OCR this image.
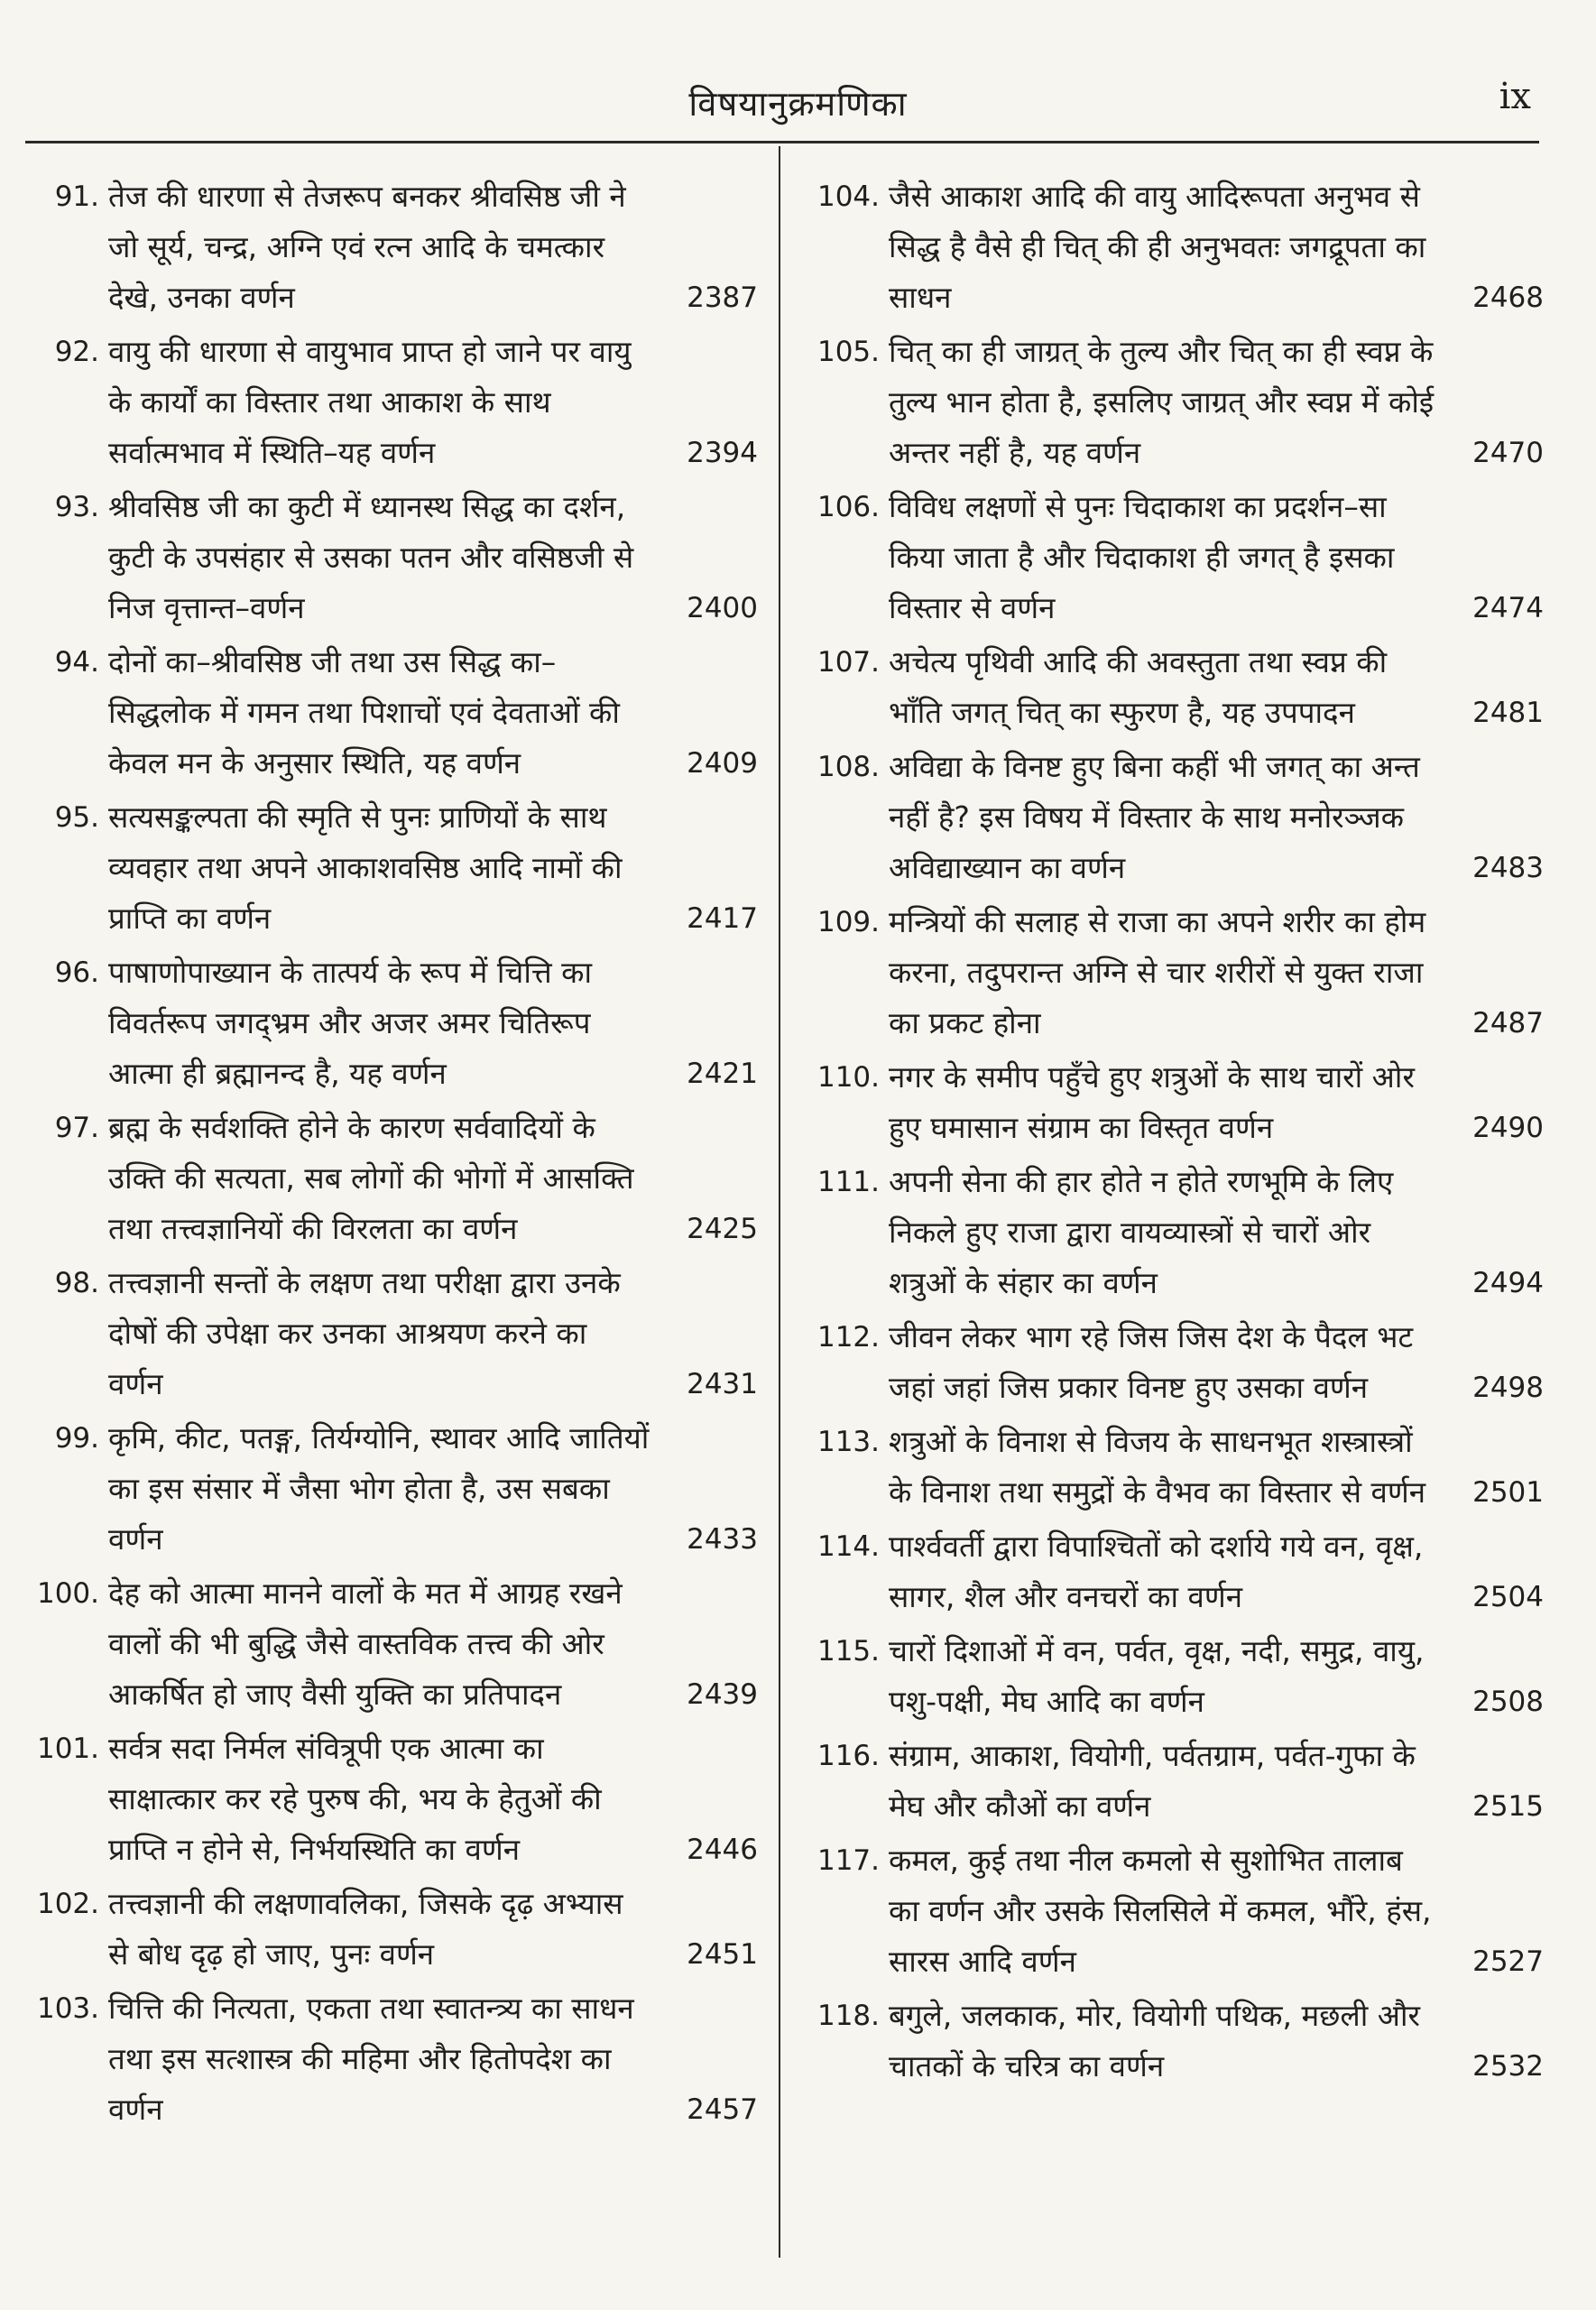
विषयानुक्रमणिका	ix
91. तेज की धारणा से तेजरूप बनकर श्रीवसिष्ठ जी ने जो सूर्य, चन्द्र, अग्नि एवं रत्न आदि के चमत्कार देखे, उनका वर्णन	2387
92. वायु की धारणा से वायुभाव प्राप्त हो जाने पर वायु के कार्यों का विस्तार तथा आकाश के साथ सर्वात्मभाव में स्थिति–यह वर्णन	2394
93. श्रीवसिष्ठ जी का कुटी में ध्यानस्थ सिद्ध का दर्शन, कुटी के उपसंहार से उसका पतन और वसिष्ठजी से निज वृत्तान्त–वर्णन	2400
94. दोनों का–श्रीवसिष्ठ जी तथा उस सिद्ध का–सिद्धलोक में गमन तथा पिशाचों एवं देवताओं की केवल मन के अनुसार स्थिति, यह वर्णन	2409
95. सत्यसङ्कल्पता की स्मृति से पुनः प्राणियों के साथ व्यवहार तथा अपने आकाशवसिष्ठ आदि नामों की प्राप्ति का वर्णन	2417
96. पाषाणोपाख्यान के तात्पर्य के रूप में चित्ति का विवर्तरूप जगद्भ्रम और अजर अमर चितिरूप आत्मा ही ब्रह्मानन्द है, यह वर्णन	2421
97. ब्रह्म के सर्वशक्ति होने के कारण सर्ववादियों के उक्ति की सत्यता, सब लोगों की भोगों में आसक्ति तथा तत्त्वज्ञानियों की विरलता का वर्णन	2425
98. तत्त्वज्ञानी सन्तों के लक्षण तथा परीक्षा द्वारा उनके दोषों की उपेक्षा कर उनका आश्रयण करने का वर्णन	2431
99. कृमि, कीट, पतङ्ग, तिर्यग्योनि, स्थावर आदि जातियों का इस संसार में जैसा भोग होता है, उस सबका वर्णन	2433
100. देह को आत्मा मानने वालों के मत में आग्रह रखने वालों की भी बुद्धि जैसे वास्तविक तत्त्व की ओर आकर्षित हो जाए वैसी युक्ति का प्रतिपादन	2439
101. सर्वत्र सदा निर्मल संवित्रूपी एक आत्मा का साक्षात्कार कर रहे पुरुष की, भय के हेतुओं की प्राप्ति न होने से, निर्भयस्थिति का वर्णन	2446
102. तत्त्वज्ञानी की लक्षणावलिका, जिसके दृढ़ अभ्यास से बोध दृढ़ हो जाए, पुनः वर्णन	2451
103. चित्ति की नित्यता, एकता तथा स्वातन्त्र्य का साधन तथा इस सत्शास्त्र की महिमा और हितोपदेश का वर्णन	2457
104. जैसे आकाश आदि की वायु आदिरूपता अनुभव से सिद्ध है वैसे ही चित् की ही अनुभवतः जगद्रूपता का साधन	2468
105. चित् का ही जाग्रत् के तुल्य और चित् का ही स्वप्न के तुल्य भान होता है, इसलिए जाग्रत् और स्वप्न में कोई अन्तर नहीं है, यह वर्णन	2470
106. विविध लक्षणों से पुनः चिदाकाश का प्रदर्शन–सा किया जाता है और चिदाकाश ही जगत् है इसका विस्तार से वर्णन	2474
107. अचेत्य पृथिवी आदि की अवस्तुता तथा स्वप्न की भाँति जगत् चित् का स्फुरण है, यह उपपादन	2481
108. अविद्या के विनष्ट हुए बिना कहीं भी जगत् का अन्त नहीं है? इस विषय में विस्तार के साथ मनोरञ्जक अविद्याख्यान का वर्णन	2483
109. मन्त्रियों की सलाह से राजा का अपने शरीर का होम करना, तदुपरान्त अग्नि से चार शरीरों से युक्त राजा का प्रकट होना	2487
110. नगर के समीप पहुँचे हुए शत्रुओं के साथ चारों ओर हुए घमासान संग्राम का विस्तृत वर्णन	2490
111. अपनी सेना की हार होते न होते रणभूमि के लिए निकले हुए राजा द्वारा वायव्यास्त्रों से चारों ओर शत्रुओं के संहार का वर्णन	2494
112. जीवन लेकर भाग रहे जिस जिस देश के पैदल भट जहां जहां जिस प्रकार विनष्ट हुए उसका वर्णन	2498
113. शत्रुओं के विनाश से विजय के साधनभूत शस्त्रास्त्रों के विनाश तथा समुद्रों के वैभव का विस्तार से वर्णन	2501
114. पार्श्ववर्ती द्वारा विपाश्चितों को दर्शाये गये वन, वृक्ष, सागर, शैल और वनचरों का वर्णन	2504
115. चारों दिशाओं में वन, पर्वत, वृक्ष, नदी, समुद्र, वायु, पशु-पक्षी, मेघ आदि का वर्णन	2508
116. संग्राम, आकाश, वियोगी, पर्वतग्राम, पर्वत-गुफा के मेघ और कौओं का वर्णन	2515
117. कमल, कुई तथा नील कमलो से सुशोभित तालाब का वर्णन और उसके सिलसिले में कमल, भौंरे, हंस, सारस आदि वर्णन	2527
118. बगुले, जलकाक, मोर, वियोगी पथिक, मछली और चातकों के चरित्र का वर्णन	2532
